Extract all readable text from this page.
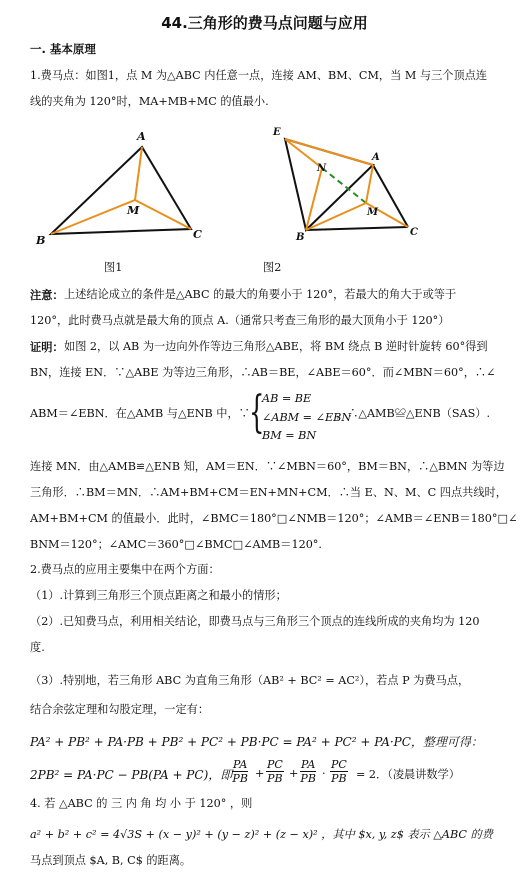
44.三角形的费马点问题与应用
一. 基本原理
1.费马点：如图1，点 M 为△ABC 内任意一点，连接 AM、BM、CM，当 M 与三个顶点连
线的夹角为 120°时，MA+MB+MC 的值最小.
A
B	C
M
图1
E
N
A
M
B	C
图2
注意： 上述结论成立的条件是△ABC 的最大的角要小于 120°，若最大的角大于或等于
120°，此时费马点就是最大角的顶点 A.（通常只考查三角形的最大顶角小于 120°）
证明： 如图 2，以 AB 为一边向外作等边三角形△ABE，将 BM 绕点 B 逆时针旋转 60°得到
BN，连接 EN．∵△ABE 为等边三角形，∴AB＝BE，∠ABE＝60°．而∠MBN＝60°，∴∠
ABM＝∠EBN．在△AMB 与△ENB 中，∵ {
AB = BE
∠ABM = ∠EBN
BM = BN
，∴△AMB≌△ENB（SAS）.
连接 MN．由△AMB≌△ENB 知，AM＝EN．∵∠MBN＝60°，BM＝BN，∴△BMN 为等边
三角形．∴BM＝MN．∴AM+BM+CM＝EN+MN+CM．∴当 E、N、M、C 四点共线时，
AM+BM+CM 的值最小．此时，∠BMC＝180°□∠NMB＝120°；∠AMB＝∠ENB＝180°□∠
BNM＝120°；∠AMC＝360°□∠BMC□∠AMB＝120°.
2.费马点的应用主要集中在两个方面：
（1）.计算到三角形三个顶点距离之和最小的情形；
（2）.已知费马点，利用相关结论，即费马点与三角形三个顶点的连线所成的夹角均为 120
度.
（3）.特别地，若三角形 ABC 为直角三角形（AB² + BC² = AC²），若点 P 为费马点，
结合余弦定理和勾股定理，一定有：
PA² + PB² + PA·PB + PB² + PC² + PB·PC = PA² + PC² + PA·PC，整理可得：
2PB² = PA·PC − PB(PA + PC)，即 $\frac{PA}{PB} + \frac{PC}{PB} + \frac{PA}{PB} \cdot \frac{PC}{PB} = 2$．（凌晨讲数学）
4. 若 △ABC 的 三 内 角 均 小 于 120° ，则
a² + b² + c² = 4√3S + (x − y)² + (y − z)² + (z − x)² ，其中 $x, y, z$ 表示 △ABC 的费
马点到顶点 $A, B, C$ 的距离。
